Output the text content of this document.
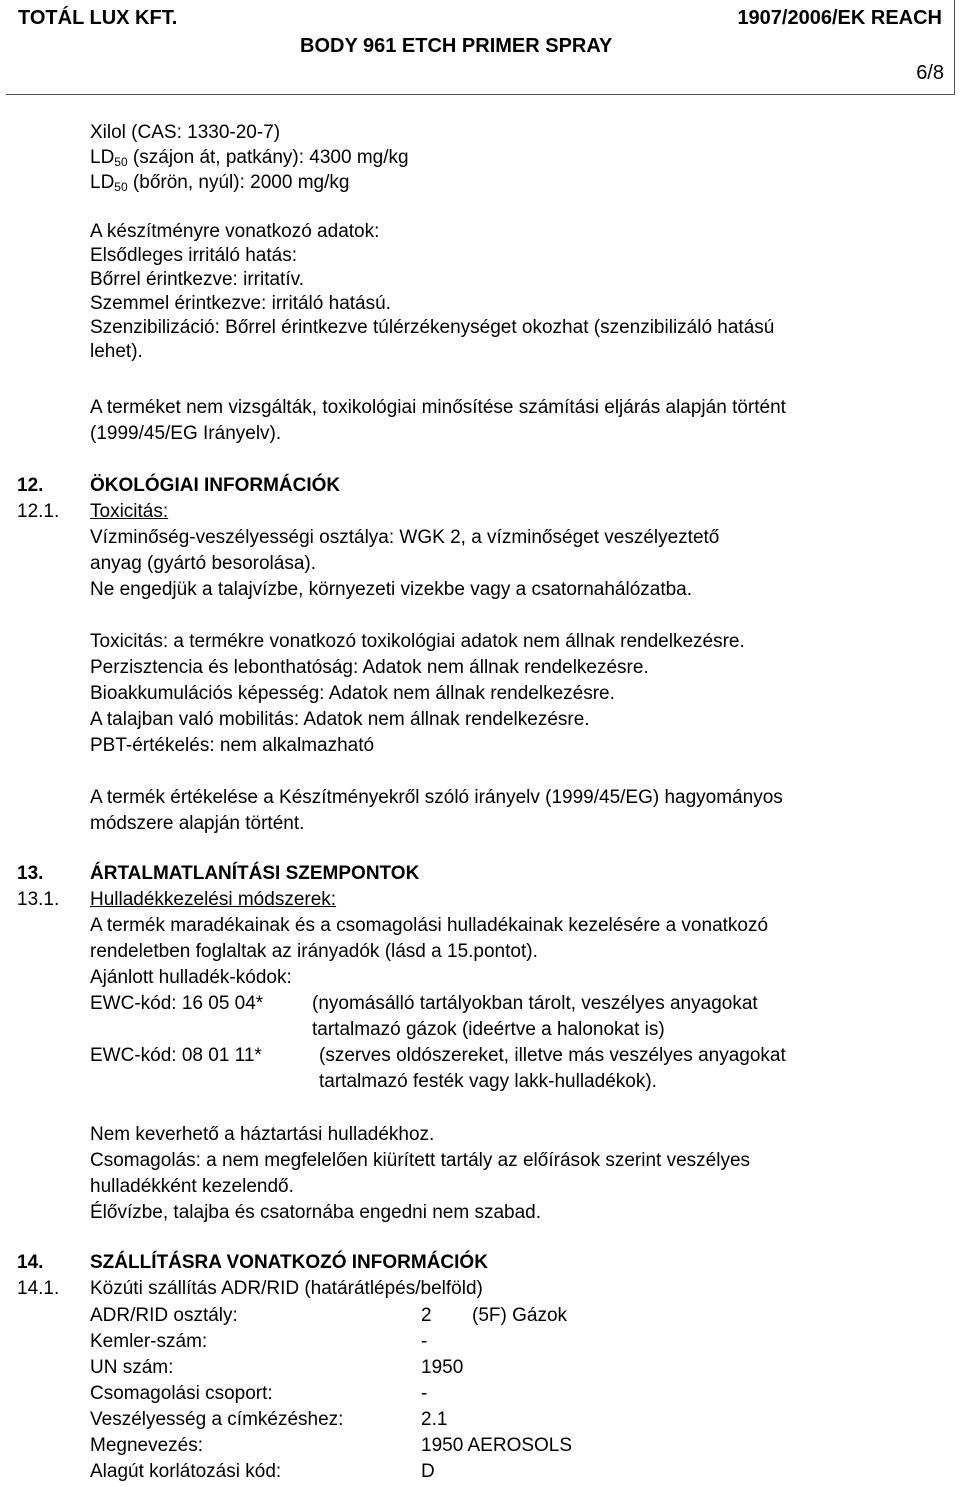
TOTÁL LUX KFT.	1907/2006/EK REACH
BODY 961 ETCH PRIMER SPRAY
6/8
Xilol (CAS: 1330-20-7)
$LD_{50}$ (szájon át, patkány): 4300 mg/kg
$LD_{50}$ (bőrön, nyúl): 2000 mg/kg
A készítményre vonatkozó adatok:
Elsődleges irritáló hatás:
Bőrrel érintkezve: irritatív.
Szemmel érintkezve: irritáló hatású.
Szenzibilizáció: Bőrrel érintkezve túlérzékenységet okozhat (szenzibilizáló hatású
lehet).
A terméket nem vizsgálták, toxikológiai minősítése számítási eljárás alapján történt
(1999/45/EG Irányelv).
12. ÖKOLÓGIAI INFORMÁCIÓK
12.1. Toxicitás:
Vízminőség-veszélyességi osztálya: WGK 2, a vízminőséget veszélyeztető
anyag (gyártó besorolása).
Ne engedjük a talajvízbe, környezeti vizekbe vagy a csatornahálózatba.
Toxicitás: a termékre vonatkozó toxikológiai adatok nem állnak rendelkezésre.
Perzisztencia és lebonthatóság: Adatok nem állnak rendelkezésre.
Bioakkumulációs képesség: Adatok nem állnak rendelkezésre.
A talajban való mobilitás: Adatok nem állnak rendelkezésre.
PBT-értékelés: nem alkalmazható
A termék értékelése a Készítményekről szóló irányelv (1999/45/EG) hagyományos
módszere alapján történt.
13. ÁRTALMATLANÍTÁSI SZEMPONTOK
13.1. Hulladékkezelési módszerek:
A termék maradékainak és a csomagolási hulladékainak kezelésére a vonatkozó
rendeletben foglaltak az irányadók (lásd a 15.pontot).
Ajánlott hulladék-kódok:
EWC-kód: 16 05 04*	(nyomásálló tartályokban tárolt, veszélyes anyagokat
tartalmazó gázok (ideértve a halonokat is)
EWC-kód: 08 01 11*	(szerves oldószereket, illetve más veszélyes anyagokat
tartalmazó festék vagy lakk-hulladékok).
Nem keverhető a háztartási hulladékhoz.
Csomagolás: a nem megfelelően kiürített tartály az előírások szerint veszélyes
hulladékként kezelendő.
Élővízbe, talajba és csatornába engedni nem szabad.
14. SZÁLLÍTÁSRA VONATKOZÓ INFORMÁCIÓK
14.1. Közúti szállítás ADR/RID (határátlépés/belföld)
ADR/RID osztály:	2 (5F) Gázok
Kemler-szám:	-
UN szám:	1950
Csomagolási csoport:	-
Veszélyesség a címkézéshez:	2.1
Megnevezés:	1950 AEROSOLS
Alagút korlátozási kód:	D
